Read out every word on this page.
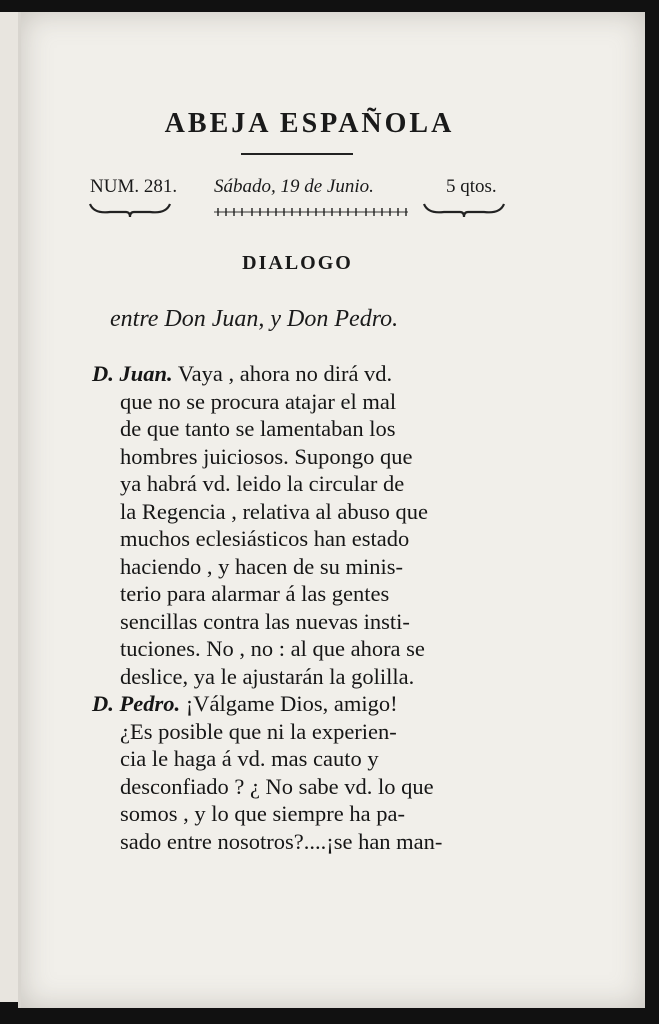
ABEJA ESPAÑOLA
NUM. 281. Sábado, 19 de Junio.	5 qtos.
DIALOGO
entre Don Juan, y Don Pedro.
D. Juan. Vaya , ahora no dirá vd.
que no se procura atajar el mal
de que tanto se lamentaban los
hombres juiciosos. Supongo que
ya habrá vd. leido la circular de
la Regencia , relativa al abuso que
muchos eclesiásticos han estado
haciendo , y hacen de su minis-
terio para alarmar á las gentes
sencillas contra las nuevas insti-
tuciones. No , no : al que ahora se
deslice, ya le ajustarán la golilla.
D. Pedro. ¡Válgame Dios, amigo!
¿Es posible que ni la experien-
cia le haga á vd. mas cauto y
desconfiado ? ¿ No sabe vd. lo que
somos , y lo que siempre ha pa-
sado entre nosotros?....¡se han man-
